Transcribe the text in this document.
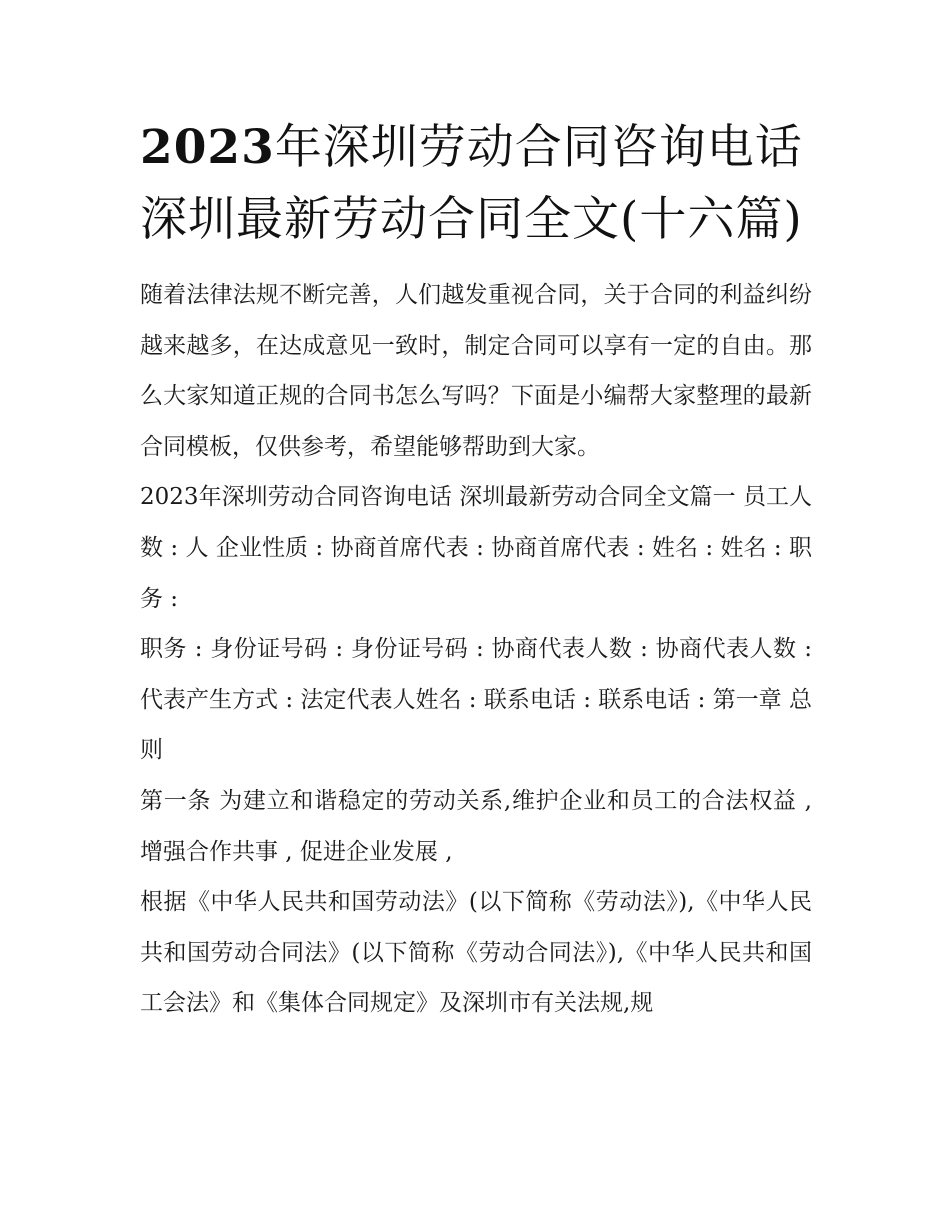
2023年深圳劳动合同咨询电话深圳最新劳动合同全文(十六篇)

随着法律法规不断完善，人们越发重视合同，关于合同的利益纠纷越来越多，在达成意见一致时，制定合同可以享有一定的自由。那么大家知道正规的合同书怎么写吗？下面是小编帮大家整理的最新合同模板，仅供参考，希望能够帮助到大家。

2023年深圳劳动合同咨询电话 深圳最新劳动合同全文篇一 员工人数 : 人 企业性质 : 协商首席代表 : 协商首席代表 : 姓名 : 姓名 : 职务 :

职务 : 身份证号码 : 身份证号码 : 协商代表人数 : 协商代表人数 : 代表产生方式 : 法定代表人姓名 : 联系电话 : 联系电话 : 第一章 总则

第一条 为建立和谐稳定的劳动关系,维护企业和员工的合法权益 , 增强合作共事 , 促进企业发展 ,

根据《中华人民共和国劳动法》(以下简称《劳动法》),《中华人民共和国劳动合同法》(以下简称《劳动合同法》),《中华人民共和国工会法》和《集体合同规定》及深圳市有关法规,规
